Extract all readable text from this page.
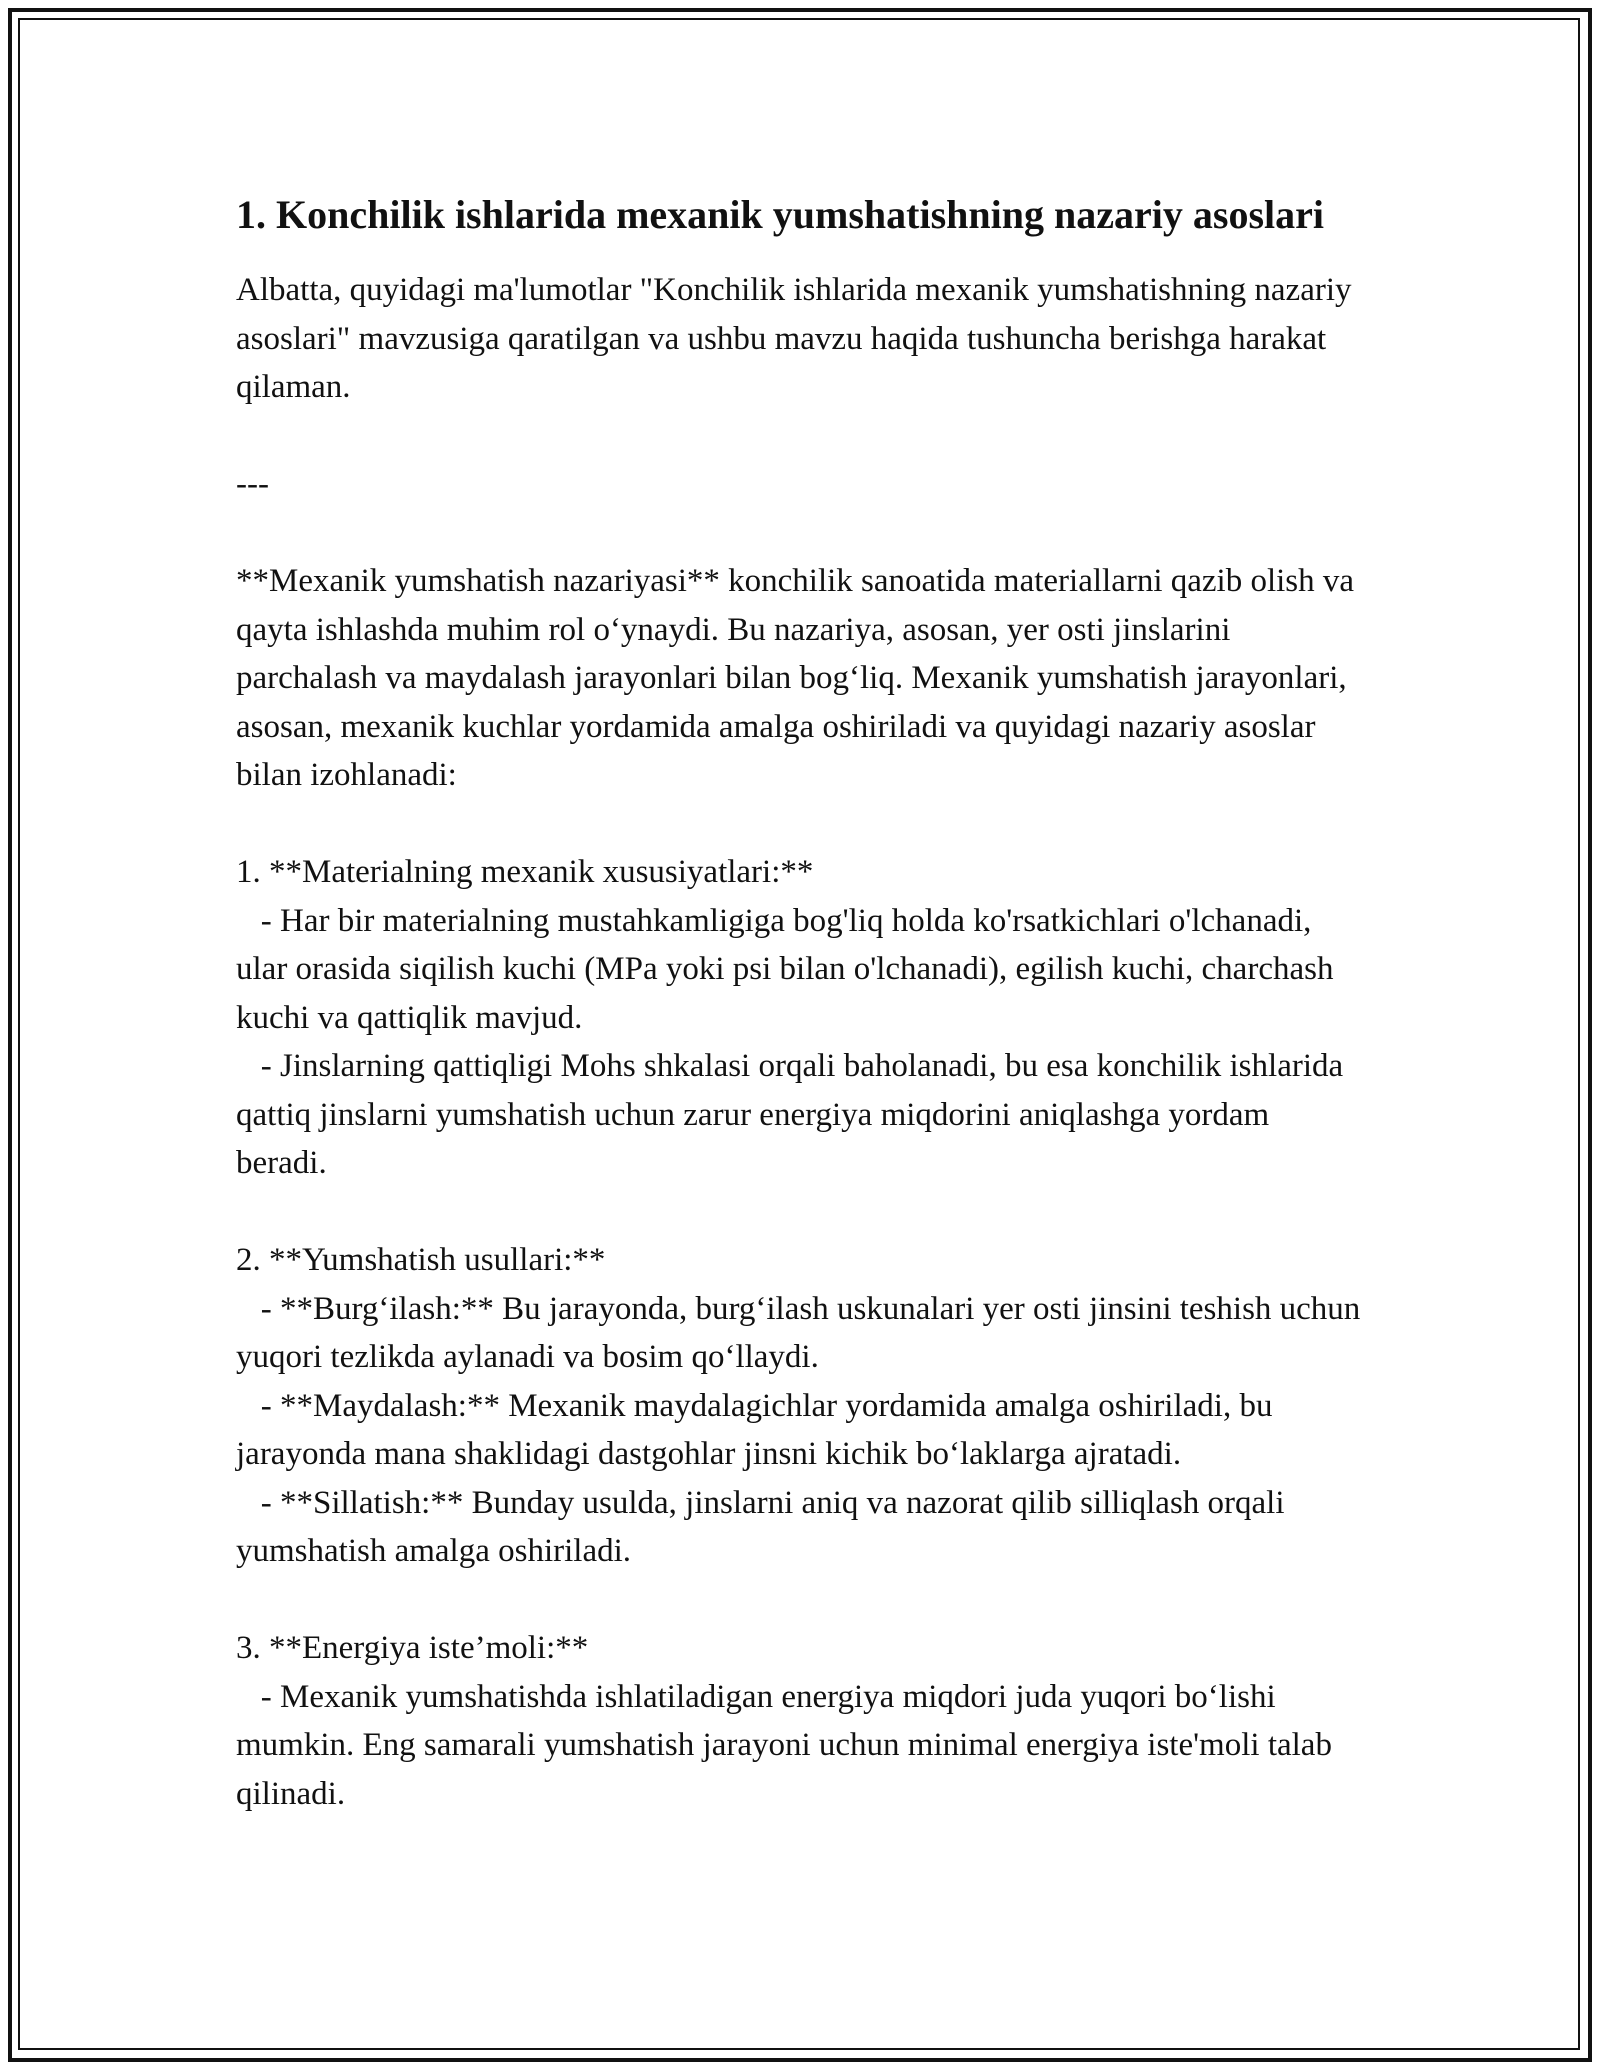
1. Konchilik ishlarida mexanik yumshatishning nazariy asoslari

Albatta, quyidagi ma'lumotlar "Konchilik ishlarida mexanik yumshatishning nazariy asoslari" mavzusiga qaratilgan va ushbu mavzu haqida tushuncha berishga harakat qilaman.

---

**Mexanik yumshatish nazariyasi** konchilik sanoatida materiallarni qazib olish va qayta ishlashda muhim rol o‘ynaydi. Bu nazariya, asosan, yer osti jinslarini parchalash va maydalash jarayonlari bilan bog‘liq. Mexanik yumshatish jarayonlari, asosan, mexanik kuchlar yordamida amalga oshiriladi va quyidagi nazariy asoslar bilan izohlanadi:

1. **Materialning mexanik xususiyatlari:**

- Har bir materialning mustahkamligiga bog'liq holda ko'rsatkichlari o'lchanadi, ular orasida siqilish kuchi (MPa yoki psi bilan o'lchanadi), egilish kuchi, charchash kuchi va qattiqlik mavjud.

- Jinslarning qattiqligi Mohs shkalasi orqali baholanadi, bu esa konchilik ishlarida qattiq jinslarni yumshatish uchun zarur energiya miqdorini aniqlashga yordam beradi.

2. **Yumshatish usullari:**

- **Burg‘ilash:** Bu jarayonda, burg‘ilash uskunalari yer osti jinsini teshish uchun yuqori tezlikda aylanadi va bosim qo‘llaydi.

- **Maydalash:** Mexanik maydalagichlar yordamida amalga oshiriladi, bu jarayonda mana shaklidagi dastgohlar jinsni kichik bo‘laklarga ajratadi.

- **Sillatish:** Bunday usulda, jinslarni aniq va nazorat qilib silliqlash orqali yumshatish amalga oshiriladi.

3. **Energiya iste’moli:**

- Mexanik yumshatishda ishlatiladigan energiya miqdori juda yuqori bo‘lishi mumkin. Eng samarali yumshatish jarayoni uchun minimal energiya iste'moli talab qilinadi.
